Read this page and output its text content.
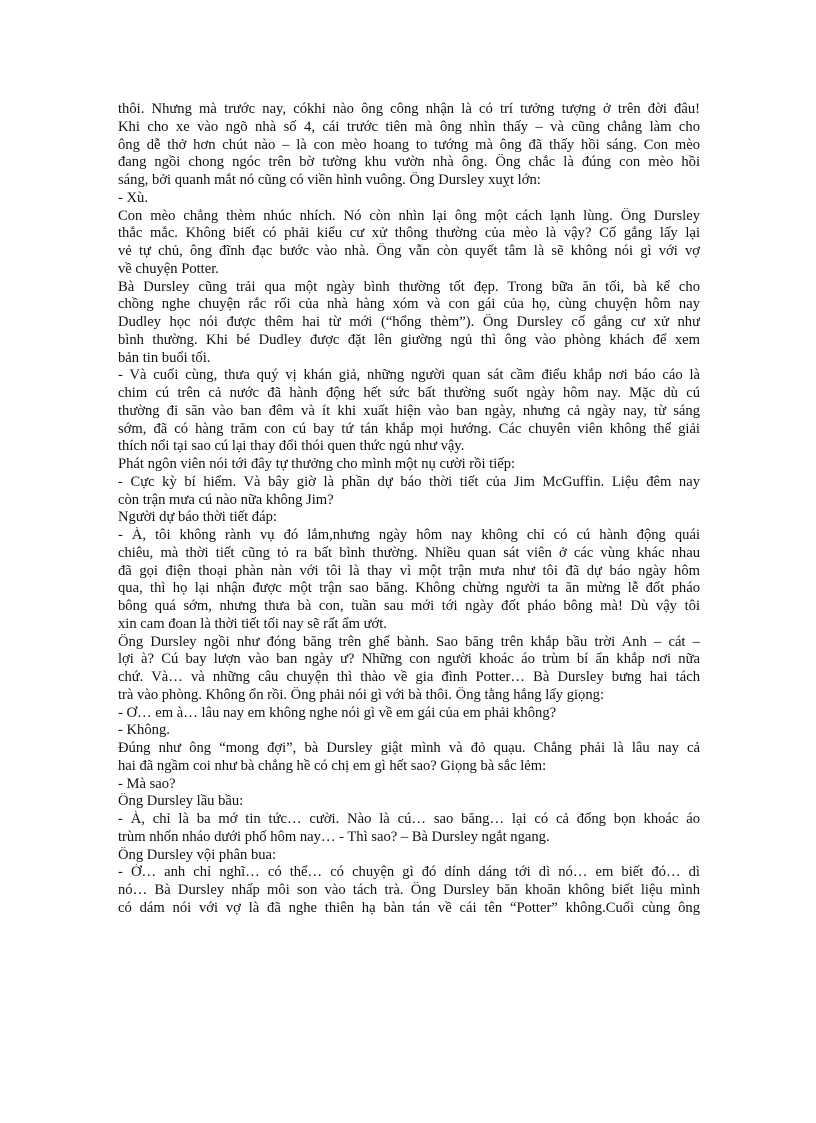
thôi. Nhưng mà trước nay, cókhi nào ông công nhận là có trí tưởng tượng ở trên đời đâu!
Khi cho xe vào ngõ nhà số 4, cái trước tiên mà ông nhìn thấy – và cũng chẳng làm cho
ông dễ thở hơn chút nào – là con mèo hoang to tướng mà ông đã thấy hồi sáng. Con mèo
đang ngồi chong ngóc trên bờ tường khu vườn nhà ông. Ông chắc là đúng con mèo hồi
sáng, bởi quanh mắt nó cũng có viền hình vuông. Ông Dursley xuỵt lớn:
- Xù.
Con mèo chẳng thèm nhúc nhích. Nó còn nhìn lại ông một cách lạnh lùng. Ông Dursley
thắc mắc. Không biết có phải kiểu cư xử thông thường của mèo là vậy? Cố gắng lấy lại
vẻ tự chủ, ông đĩnh đạc bước vào nhà. Ông vẫn còn quyết tâm là sẽ không nói gì với vợ
về chuyện Potter.
Bà Dursley cũng trải qua một ngày bình thường tốt đẹp. Trong bữa ăn tối, bà kể cho
chồng nghe chuyện rắc rối của nhà hàng xóm và con gái của họ, cùng chuyện hôm nay
Dudley học nói được thêm hai từ mới (“hổng thèm”). Ông Dursley cố gắng cư xử như
bình thường. Khi bé Dudley được đặt lên giường ngủ thì ông vào phòng khách để xem
bản tin buổi tối.
- Và cuối cùng, thưa quý vị khán giả, những người quan sát cầm điểu khắp nơi báo cáo là
chim cú trên cả nước đã hành động hết sức bất thường suốt ngày hôm nay. Mặc dù cú
thường đi săn vào ban đêm và ít khi xuất hiện vào ban ngày, nhưng cả ngày nay, từ sáng
sớm, đã có hàng trăm con cú bay tứ tán khắp mọi hướng. Các chuyên viên không thể giải
thích nổi tại sao cú lại thay đổi thói quen thức ngủ như vậy.
Phát ngôn viên nói tới đây tự thưởng cho mình một nụ cười rồi tiếp:
- Cực kỳ bí hiểm. Và bây giờ là phần dự báo thời tiết của Jim McGuffin. Liệu đêm nay
còn trận mưa cú nào nữa không Jim?
Người dự báo thời tiết đáp:
- À, tôi không rành vụ đó lắm,nhưng ngày hôm nay không chỉ có cú hành động quái
chiêu, mà thời tiết cũng tỏ ra bất bình thường. Nhiều quan sát viên ở các vùng khác nhau
đã gọi điện thoại phàn nàn với tôi là thay vì một trận mưa như tôi đã dự báo ngày hôm
qua, thì họ lại nhận được một trận sao băng. Không chừng người ta ăn mừng lễ đốt pháo
bông quá sớm, nhưng thưa bà con, tuần sau mới tới ngày đốt pháo bông mà! Dù vậy tôi
xin cam đoan là thời tiết tối nay sẽ rất ẩm ướt.
Ông Dursley ngồi như đóng băng trên ghế bành. Sao băng trên khắp bầu trời Anh – cát –
lợi à? Cú bay lượn vào ban ngày ư? Những con người khoác áo trùm bí ẩn khắp nơi nữa
chứ. Và… và những câu chuyện thì thào về gia đình Potter… Bà Dursley bưng hai tách
trà vào phòng. Không ổn rồi. Ông phải nói gì với bà thôi. Ông tằng hắng lấy giọng:
- Ơ… em à… lâu nay em không nghe nói gì về em gái của em phải không?
- Không.
Đúng như ông “mong đợi”, bà Dursley giật mình và đỏ quạu. Chẳng phải là lâu nay cả
hai đã ngầm coi như bà chẳng hề có chị em gì hết sao? Giọng bà sắc lẻm:
- Mà sao?
Ông Dursley lầu bầu:
- À, chỉ là ba mớ tin tức… cười. Nào là cú… sao băng… lại có cả đống bọn khoác áo
trùm nhốn nháo dưới phố hôm nay… - Thì sao? – Bà Dursley ngắt ngang.
Ông Dursley vội phân bua:
- Ờ… anh chỉ nghĩ… có thể… có chuyện gì đó dính dáng tới dì nó… em biết đó… dì
nó… Bà Dursley nhấp môi son vào tách trà. Ông Dursley băn khoăn không biết liệu mình
có dám nói với vợ là đã nghe thiên hạ bàn tán về cái tên “Potter” không.Cuối cùng ông
